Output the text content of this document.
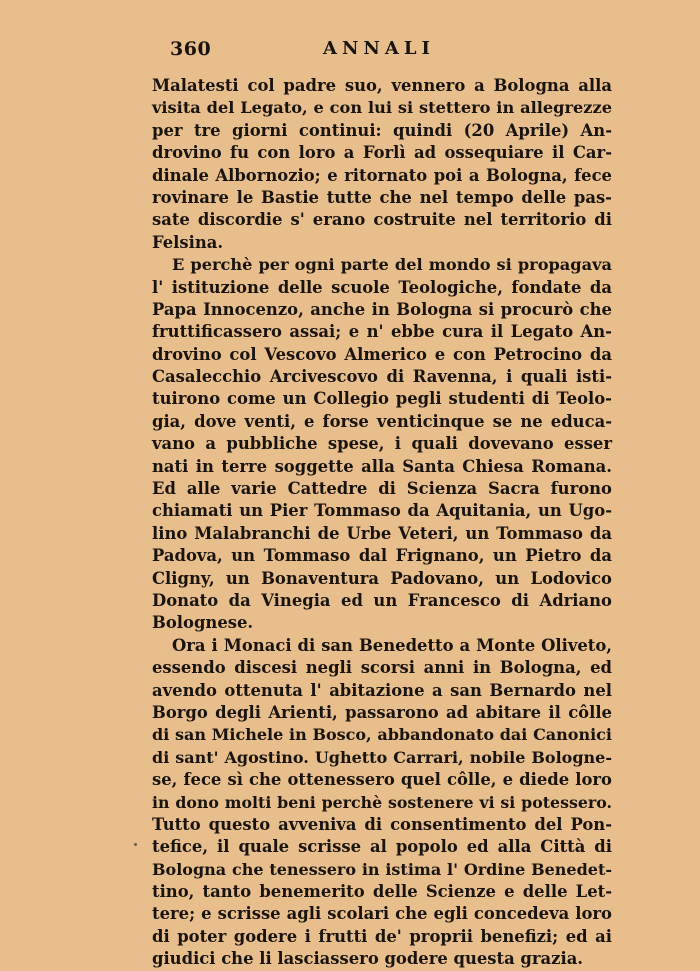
360	ANNALI
Malatesti col padre suo, vennero a Bologna alla
visita del Legato, e con lui si stettero in allegrezze
per tre giorni continui: quindi (20 Aprile) An-
drovino fu con loro a Forlì ad ossequiare il Car-
dinale Albornozio; e ritornato poi a Bologna, fece
rovinare le Bastie tutte che nel tempo delle pas-
sate discordie s' erano costruite nel territorio di
Felsina.
E perchè per ogni parte del mondo si propagava
l' istituzione delle scuole Teologiche, fondate da
Papa Innocenzo, anche in Bologna si procurò che
fruttificassero assai; e n' ebbe cura il Legato An-
drovino col Vescovo Almerico e con Petrocino da
Casalecchio Arcivescovo di Ravenna, i quali isti-
tuirono come un Collegio pegli studenti di Teolo-
gia, dove venti, e forse venticinque se ne educa-
vano a pubbliche spese, i quali dovevano esser
nati in terre soggette alla Santa Chiesa Romana.
Ed alle varie Cattedre di Scienza Sacra furono
chiamati un Pier Tommaso da Aquitania, un Ugo-
lino Malabranchi de Urbe Veteri, un Tommaso da
Padova, un Tommaso dal Frignano, un Pietro da
Cligny, un Bonaventura Padovano, un Lodovico
Donato da Vinegia ed un Francesco di Adriano
Bolognese.
Ora i Monaci di san Benedetto a Monte Oliveto,
essendo discesi negli scorsi anni in Bologna, ed
avendo ottenuta l' abitazione a san Bernardo nel
Borgo degli Arienti, passarono ad abitare il côlle
di san Michele in Bosco, abbandonato dai Canonici
di sant' Agostino. Ughetto Carrari, nobile Bologne-
se, fece sì che ottenessero quel côlle, e diede loro
in dono molti beni perchè sostenere vi si potessero.
Tutto questo avveniva di consentimento del Pon-
tefice, il quale scrisse al popolo ed alla Città di
Bologna che tenessero in istima l' Ordine Benedet-
tino, tanto benemerito delle Scienze e delle Let-
tere; e scrisse agli scolari che egli concedeva loro
di poter godere i frutti de' proprii benefizi; ed ai
giudici che li lasciassero godere questa grazia.
